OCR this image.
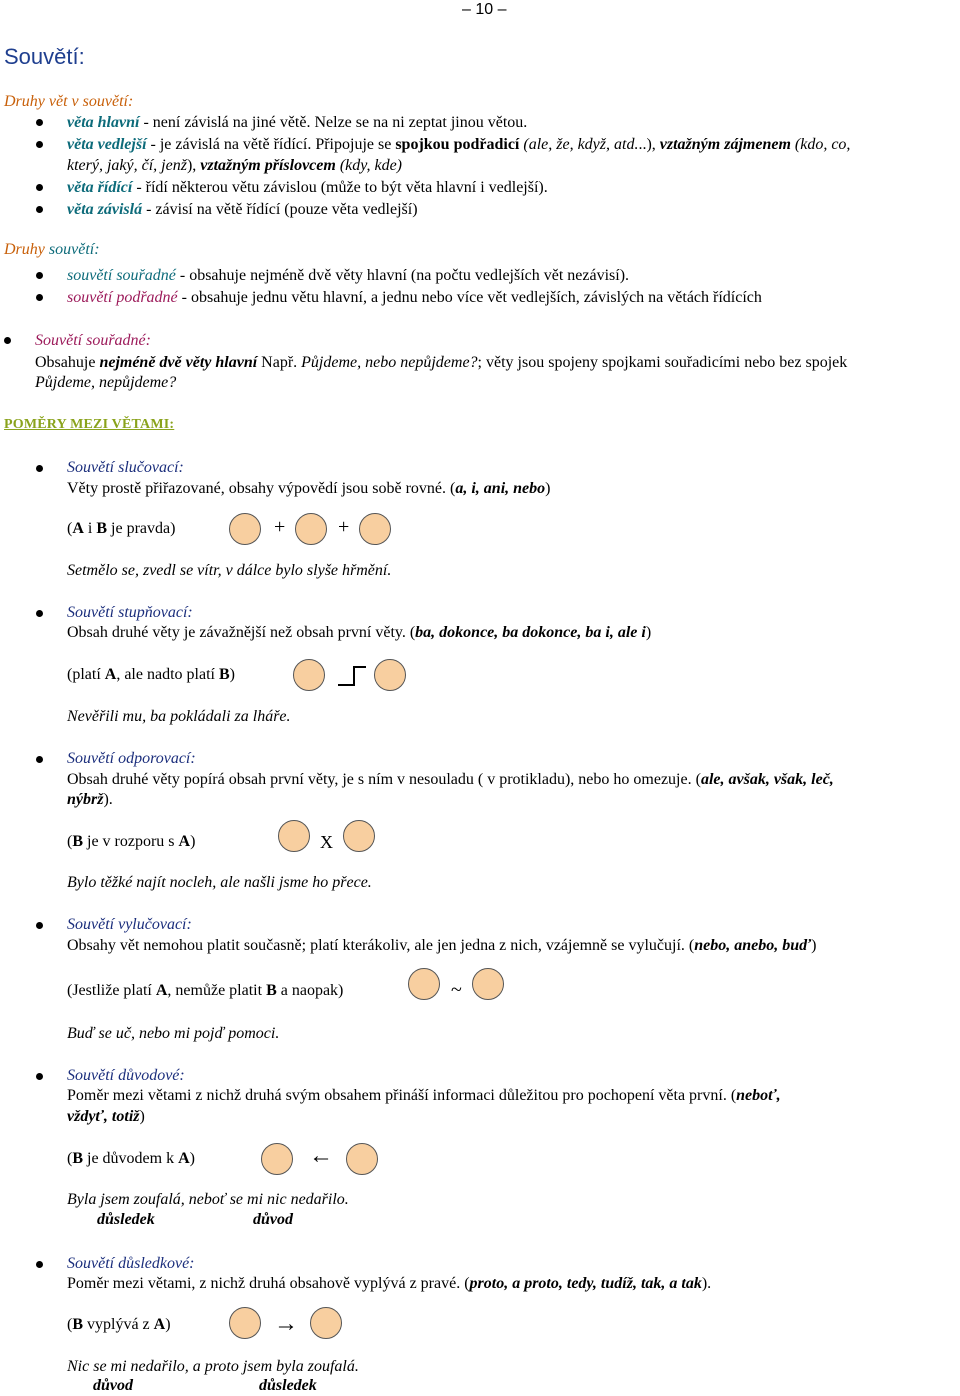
– 10 –
Souvětí:
Druhy vět v souvětí:
věta hlavní - není závislá na jiné větě. Nelze se na ni zeptat jinou větou.
věta vedlejší - je závislá na větě řídící. Připojuje se spojkou podřadicí (ale, že, když, atd...), vztažným zájmenem (kdo, co,
který, jaký, čí, jenž), vztažným příslovcem (kdy, kde)
věta řídící - řídí některou větu závislou (může to být věta hlavní i vedlejší).
věta závislá - závisí na větě řídící (pouze věta vedlejší)
Druhy souvětí:
souvětí souřadné - obsahuje nejméně dvě věty hlavní (na počtu vedlejších vět nezávisí).
souvětí podřadné - obsahuje jednu větu hlavní, a jednu nebo více vět vedlejších, závislých na větách řídících
Souvětí souřadné:
Obsahuje nejméně dvě věty hlavní Např. Půjdeme, nebo nepůjdeme?; věty jsou spojeny spojkami souřadicími nebo bez spojek
Půjdeme, nepůjdeme?
POMĚRY MEZI VĚTAMI:
Souvětí slučovací:
Věty prostě přiřazované, obsahy výpovědí jsou sobě rovné. (a, i, ani, nebo)
(A i B je pravda)	+	+
Setmělo se, zvedl se vítr, v dálce bylo slyše hřmění.
Souvětí stupňovací:
Obsah druhé věty je závažnější než obsah první věty. (ba, dokonce, ba dokonce, ba i, ale i)
(platí A, ale nadto platí B)
Nevěřili mu, ba pokládali za lháře.
Souvětí odporovací:
Obsah druhé věty popírá obsah první věty, je s ním v nesouladu ( v protikladu), nebo ho omezuje. (ale, avšak, však, leč,
nýbrž).
(B je v rozporu s A)	X
Bylo těžké najít nocleh, ale našli jsme ho přece.
Souvětí vylučovací:
Obsahy vět nemohou platit současně; platí kterákoliv, ale jen jedna z nich, vzájemně se vylučují. (nebo, anebo, buď)
(Jestliže platí A, nemůže platit B a naopak)	~
Buď se uč, nebo mi pojď pomoci.
Souvětí důvodové:
Poměr mezi větami z nichž druhá svým obsahem přináší informaci důležitou pro pochopení věta první. (neboť,
vždyť, totiž)
(B je důvodem k A)	←
Byla jsem zoufalá, neboť se mi nic nedařilo.
důsledek	důvod
Souvětí důsledkové:
Poměr mezi větami, z nichž druhá obsahově vyplývá z pravé. (proto, a proto, tedy, tudíž, tak, a tak).
(B vyplývá z A)	→
Nic se mi nedařilo, a proto jsem byla zoufalá.
důvod	důsledek
